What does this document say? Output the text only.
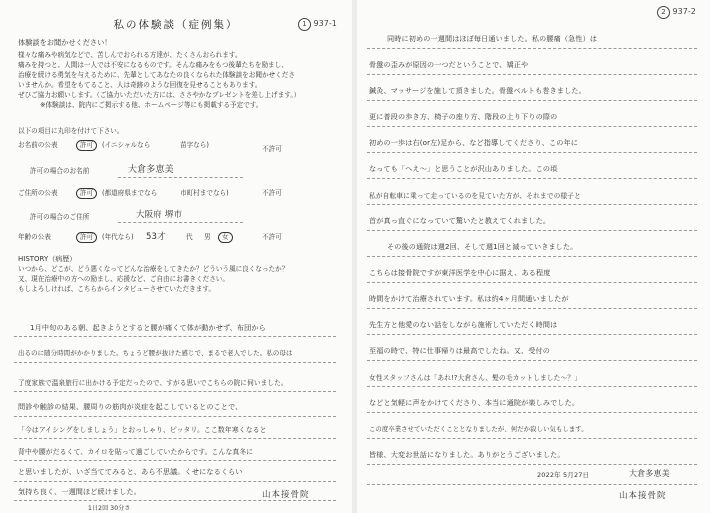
1 937-1
私の体験談（症例集）
体験談をお聞かせください！
様々な痛みや病気などで、苦しんでおられる方達が、たくさんおられます。
痛みを持つと、人間は一人では不安になるものです。そんな痛みをもつ後輩たちを励まし、
治療を続ける勇気を与えるために、先輩としてあなたの良くなられた体験談をお聞かせくださ
いませんか。希望をもてること、人は奇跡のような回復を見せることもあります。
ぜひご協力お願いします。（ご協力いただいた方には、ささやかなプレゼントを差し上げます。）
※体験談は、院内にご掲示する他、ホームページ等にも掲載する予定です。
以下の項目に丸印を付けて下さい。
お名前の公表	許可	(イニシャルなら	苗字なら)	不許可
許可の場合のお名前	大倉多恵美
ご住所の公表	許可	(都道府県までなら	市町村までなら)	不許可
許可の場合のご住所	大阪府 堺市
年齢の公表	許可	(年代なら) 53才	代 男	女	不許可
HISTORY（病歴）
いつから、どこが、どう悪くなってどんな治療をしてきたか？どういう風に良くなったか？
又、現在治療中の方への励まし、応援など、ご自由にお書きください。
もしよろしければ、こちらからインタビューさせていただきます。
1月中旬のある朝、起きようとすると腰が痛くて体が動かせず、布団から
出るのに随分時間がかかりました。ちょうど腰が抜けた感じで、まるで老人でした。私の母は
了度家族で温泉旅行に出かける予定だったので、すがる思いでこちらの院に伺いました。
問診や触診の結果、腰周りの筋肉が炎症を起こしているとのことで、
「今はアイシングをしましょう」とおっしゃり、ピッタリ。ここ数年寒くなると
背中や腰がだるくて、カイロを貼って過ごしていたからです。こんな真冬に
と思いましたが、いざ当ててみると、あら不思議。くせになるくらい
気持ち良く、一週間ほど続けました。
1日2回 30分さ
山本接骨院
2 937-2
同時に初めの一週間はほぼ毎日通いました。私の腰痛（急性）は
骨盤の歪みが原因の一つだということで、矯正や
鍼灸、マッサージを施して頂きました。骨盤ベルトも巻きました。
更に普段の歩き方、椅子の座り方、階段の上り下りの際の
初めの一歩は右(or左)足から、など指導してくださり、この年に
なっても「へえ〜」と思うことが沢山ありました。この頃
私が自転車に乗って走っているのを見ていた方が、それまでの様子と
首が真っ直ぐになっていて驚いたと教えてくれました。
その後の通院は週2回、そして週1回と減っていきました。
こちらは接骨院ですが東洋医学を中心に据え、ある程度
時間をかけて治療されています。私は約4ヶ月間通いましたが
先生方と他愛のない話をしながら施術していただく時間は
至福の時で、特に仕事帰りは最高でしたね。又、受付の
女性スタッフさんは「あれ!?大倉さん、髪の毛カットしました〜？」
などと気軽に声をかけてくださり、本当に通院が楽しみでした。
この度卒業させていただくこととなりましたが、何だか寂しい気もします。
皆様、大変お世話になりました。ありがとうございました。
2022年 5月27日	大倉多恵美
山本接骨院
